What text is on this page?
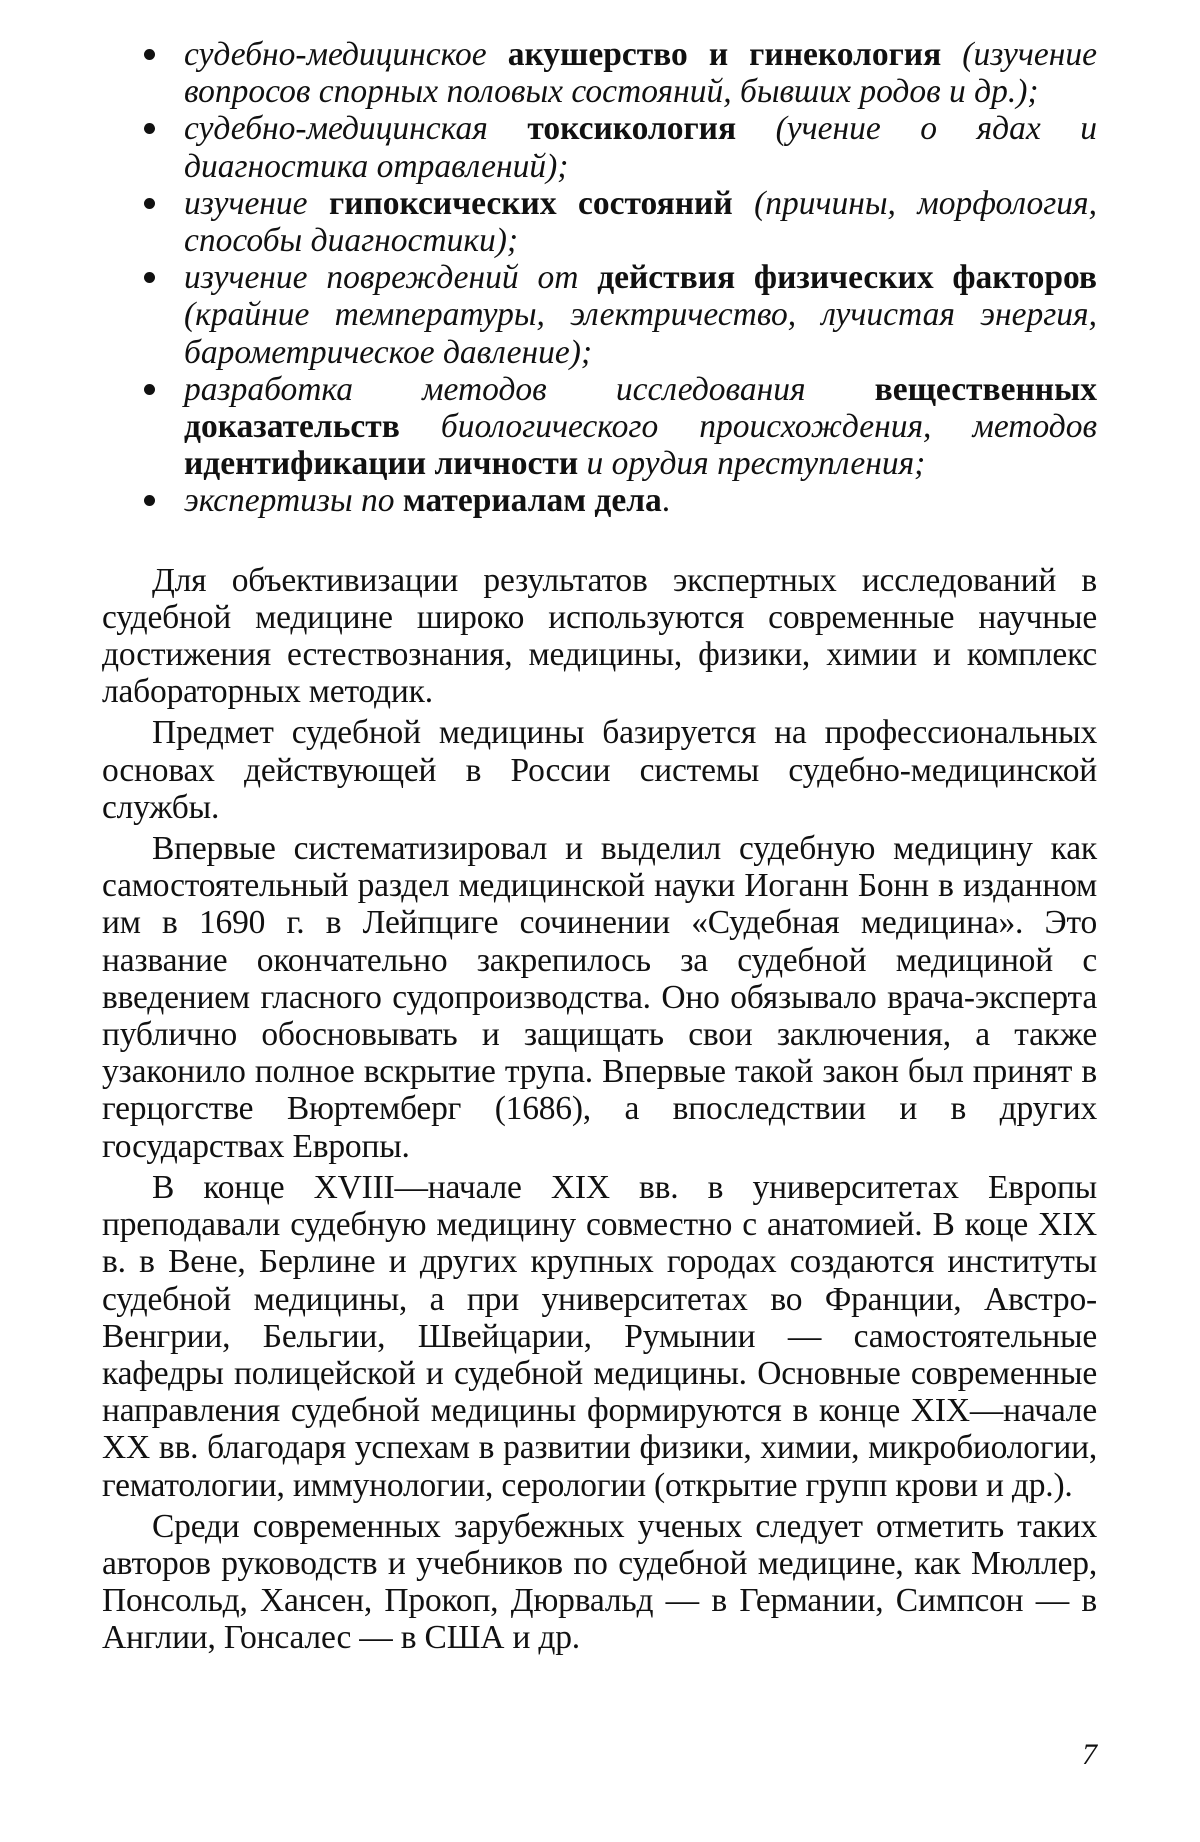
судебно-медицинское акушерство и гинекология (изучение вопросов спорных половых состояний, бывших родов и др.);
судебно-медицинская токсикология (учение о ядах и диагностика отравлений);
изучение гипоксических состояний (причины, морфология, способы диагностики);
изучение повреждений от действия физических факторов (крайние температуры, электричество, лучистая энергия, барометрическое давление);
разработка методов исследования вещественных доказательств биологического происхождения, методов идентификации личности и орудия преступления;
экспертизы по материалам дела.

Для объективизации результатов экспертных исследований в судебной медицине широко используются современные научные достижения естествознания, медицины, физики, химии и комплекс лабораторных методик.

Предмет судебной медицины базируется на профессиональных основах действующей в России системы судебно-медицинской службы.

Впервые систематизировал и выделил судебную медицину как самостоятельный раздел медицинской науки Иоганн Бонн в изданном им в 1690 г. в Лейпциге сочинении «Судебная медицина». Это название окончательно закрепилось за судебной медициной с введением гласного судопроизводства. Оно обязывало врача-эксперта публично обосновывать и защищать свои заключения, а также узаконило полное вскрытие трупа. Впервые такой закон был принят в герцогстве Вюртемберг (1686), а впоследствии и в других государствах Европы.

В конце XVIII—начале XIX вв. в университетах Европы преподавали судебную медицину совместно с анатомией. В коце XIX в. в Вене, Берлине и других крупных городах создаются институты судебной медицины, а при университетах во Франции, Австро-Венгрии, Бельгии, Швейцарии, Румынии — самостоятельные кафедры полицейской и судебной медицины. Основные современные направления судебной медицины формируются в конце XIX—начале XX вв. благодаря успехам в развитии физики, химии, микробиологии, гематологии, иммунологии, серологии (открытие групп крови и др.).

Среди современных зарубежных ученых следует отметить таких авторов руководств и учебников по судебной медицине, как Мюллер, Понсольд, Хансен, Прокоп, Дюрвальд — в Германии, Симпсон — в Англии, Гонсалес — в США и др.

7
